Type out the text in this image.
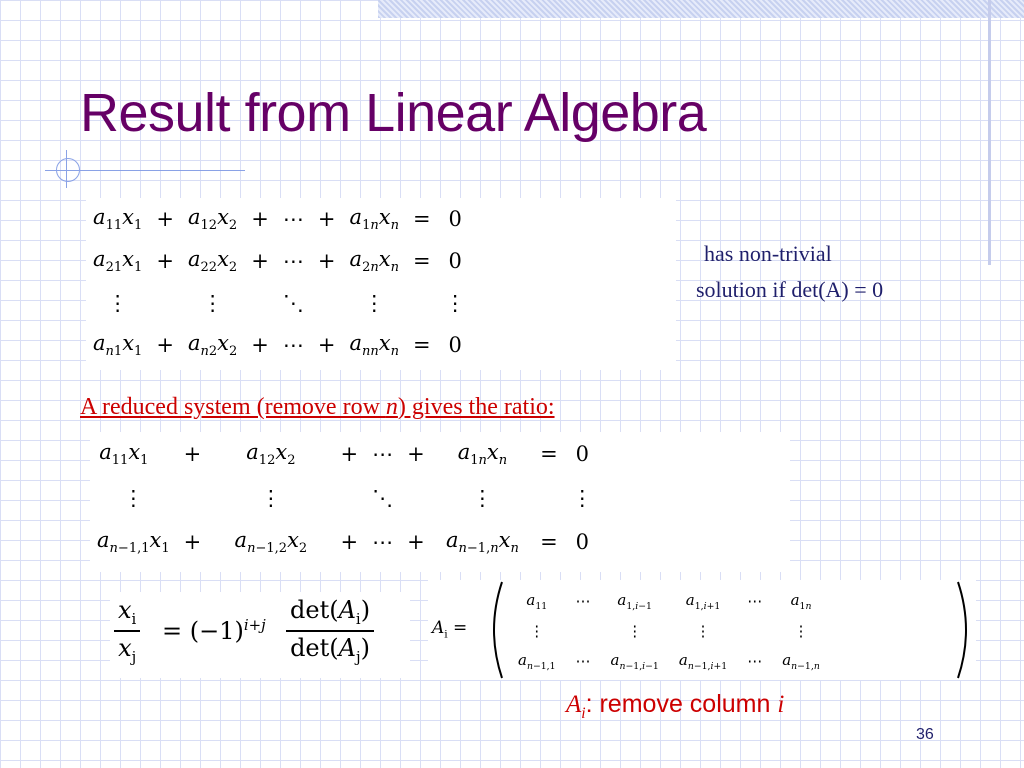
Result from Linear Algebra
$a_{11}x_1$	+	$a_{12}x_2$	+	⋯	+	$a_{1n}x_n$	=	0
$a_{21}x_1$	+	$a_{22}x_2$	+	⋯	+	$a_{2n}x_n$	=	0
⋮		⋮		⋱		⋮		⋮
$a_{n1}x_1$	+	$a_{n2}x_2$	+	⋯	+	$a_{nn}x_n$	=	0
has non-trivial
solution if det(A) = 0
A reduced system (remove row n) gives the ratio:
$a_{11}x_1$	+	$a_{12}x_2$	+	⋯	+	$a_{1n}x_n$	=	0
⋮		⋮		⋱		⋮		⋮
$a_{n-1,1}x_1$	+	$a_{n-1,2}x_2$	+	⋯	+	$a_{n-1,n}x_n$	=	0
$\frac{x_i}{x_j} = (-1)^{i+j}$
$\det(A_i)$
$\det(A_j)$
$A_i$ =
$a_{11}$	⋯	$a_{1,i-1}$	$a_{1,i+1}$	⋯	$a_{1n}$
⋮		⋮	⋮		⋮
$a_{n-1,1}$	⋯	$a_{n-1,i-1}$	$a_{n-1,i+1}$	⋯	$a_{n-1,n}$
$A_i$: remove column i
36
